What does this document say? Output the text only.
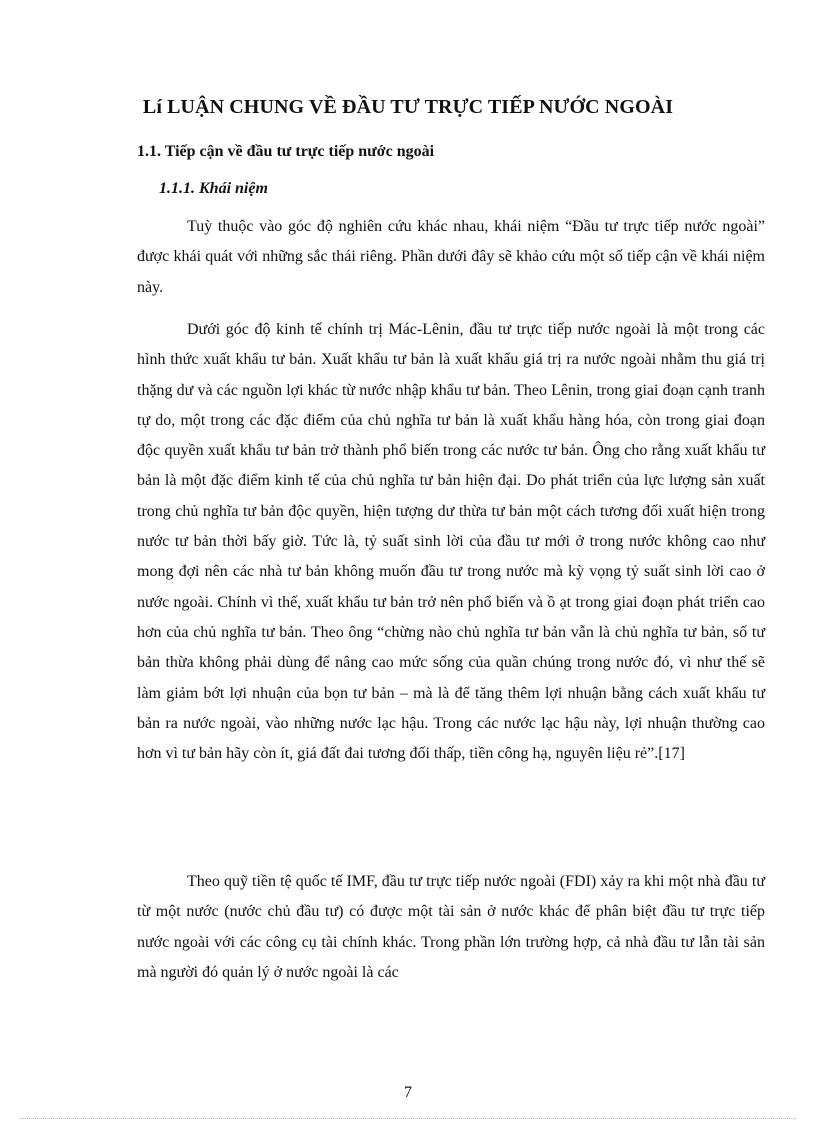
Lí LUẬN CHUNG VỀ ĐẦU TƯ TRỰC TIẾP NƯỚC NGOÀI
1.1. Tiếp cận về đầu tư trực tiếp nước ngoài
1.1.1. Khái niệm

Tuỳ thuộc vào góc độ nghiên cứu khác nhau, khái niệm “Đầu tư trực tiếp nước ngoài” được khái quát với những sắc thái riêng. Phần dưới đây sẽ khảo cứu một số tiếp cận về khái niệm này.

Dưới góc độ kinh tế chính trị Mác-Lênin, đầu tư trực tiếp nước ngoài là một trong các hình thức xuất khẩu tư bản. Xuất khẩu tư bản là xuất khẩu giá trị ra nước ngoài nhằm thu giá trị thặng dư và các nguồn lợi khác từ nước nhập khẩu tư bản. Theo Lênin, trong giai đoạn cạnh tranh tự do, một trong các đặc điểm của chủ nghĩa tư bản là xuất khẩu hàng hóa, còn trong giai đoạn độc quyền xuất khẩu tư bản trở thành phổ biến trong các nước tư bản. Ông cho rằng xuất khẩu tư bản là một đặc điểm kinh tế của chủ nghĩa tư bản hiện đại. Do phát triển của lực lượng sản xuất trong chủ nghĩa tư bản độc quyền, hiện tượng dư thừa tư bản một cách tương đối xuất hiện trong nước tư bản thời bấy giờ. Tức là, tỷ suất sinh lời của đầu tư mới ở trong nước không cao như mong đợi nên các nhà tư bản không muốn đầu tư trong nước mà kỳ vọng tỷ suất sinh lời cao ở nước ngoài. Chính vì thế, xuất khẩu tư bản trở nên phổ biến và ồ ạt trong giai đoạn phát triển cao hơn của chủ nghĩa tư bản. Theo ông “chừng nào chủ nghĩa tư bản vẫn là chủ nghĩa tư bản, số tư bản thừa không phải dùng để nâng cao mức sống của quần chúng trong nước đó, vì như thế sẽ làm giảm bớt lợi nhuận của bọn tư bản – mà là để tăng thêm lợi nhuận bằng cách xuất khẩu tư bản ra nước ngoài, vào những nước lạc hậu. Trong các nước lạc hậu này, lợi nhuận thường cao hơn vì tư bản hãy còn ít, giá đất đai tương đối thấp, tiền công hạ, nguyên liệu rẻ”.[17]

Theo quỹ tiền tệ quốc tế IMF, đầu tư trực tiếp nước ngoài (FDI) xảy ra khi một nhà đầu tư từ một nước (nước chủ đầu tư) có được một tài sản ở nước khác để phân biệt đầu tư trực tiếp nước ngoài với các công cụ tài chính khác. Trong phần lớn trường hợp, cả nhà đầu tư lẫn tài sản mà người đó quản lý ở nước ngoài là các

7
